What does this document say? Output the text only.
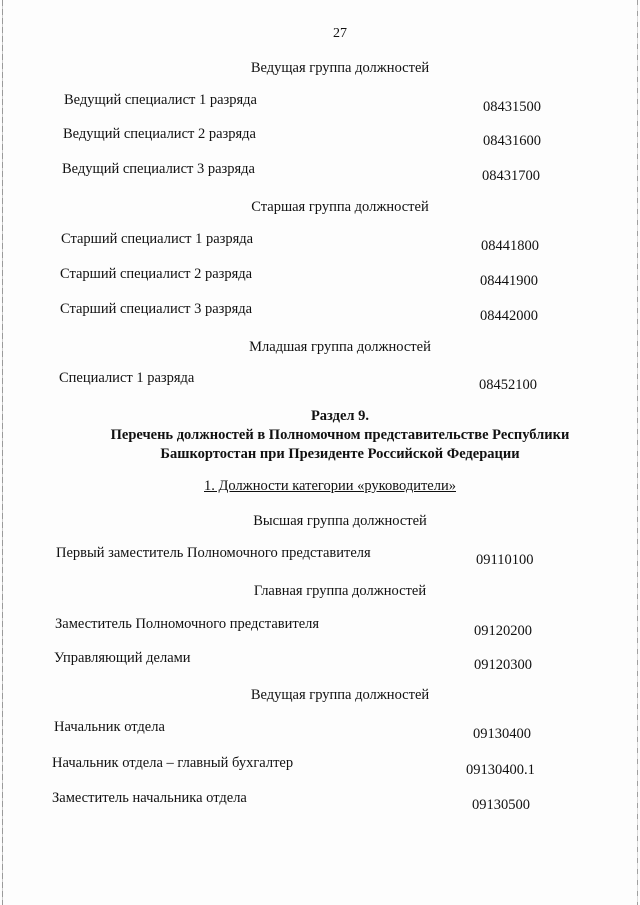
27
Ведущая группа должностей
Ведущий специалист 1 разряда	08431500
Ведущий специалист 2 разряда	08431600
Ведущий специалист 3 разряда	08431700
Старшая группа должностей
Старший специалист 1 разряда	08441800
Старший специалист 2 разряда	08441900
Старший специалист 3 разряда	08442000
Младшая группа должностей
Специалист 1 разряда	08452100
Раздел 9.
Перечень должностей в Полномочном представительстве Республики
Башкортостан при Президенте Российской Федерации
1. Должности категории «руководители»
Высшая группа должностей
Первый заместитель Полномочного представителя	09110100
Главная группа должностей
Заместитель Полномочного представителя	09120200
Управляющий делами	09120300
Ведущая группа должностей
Начальник отдела	09130400
Начальник отдела – главный бухгалтер	09130400.1
Заместитель начальника отдела	09130500
